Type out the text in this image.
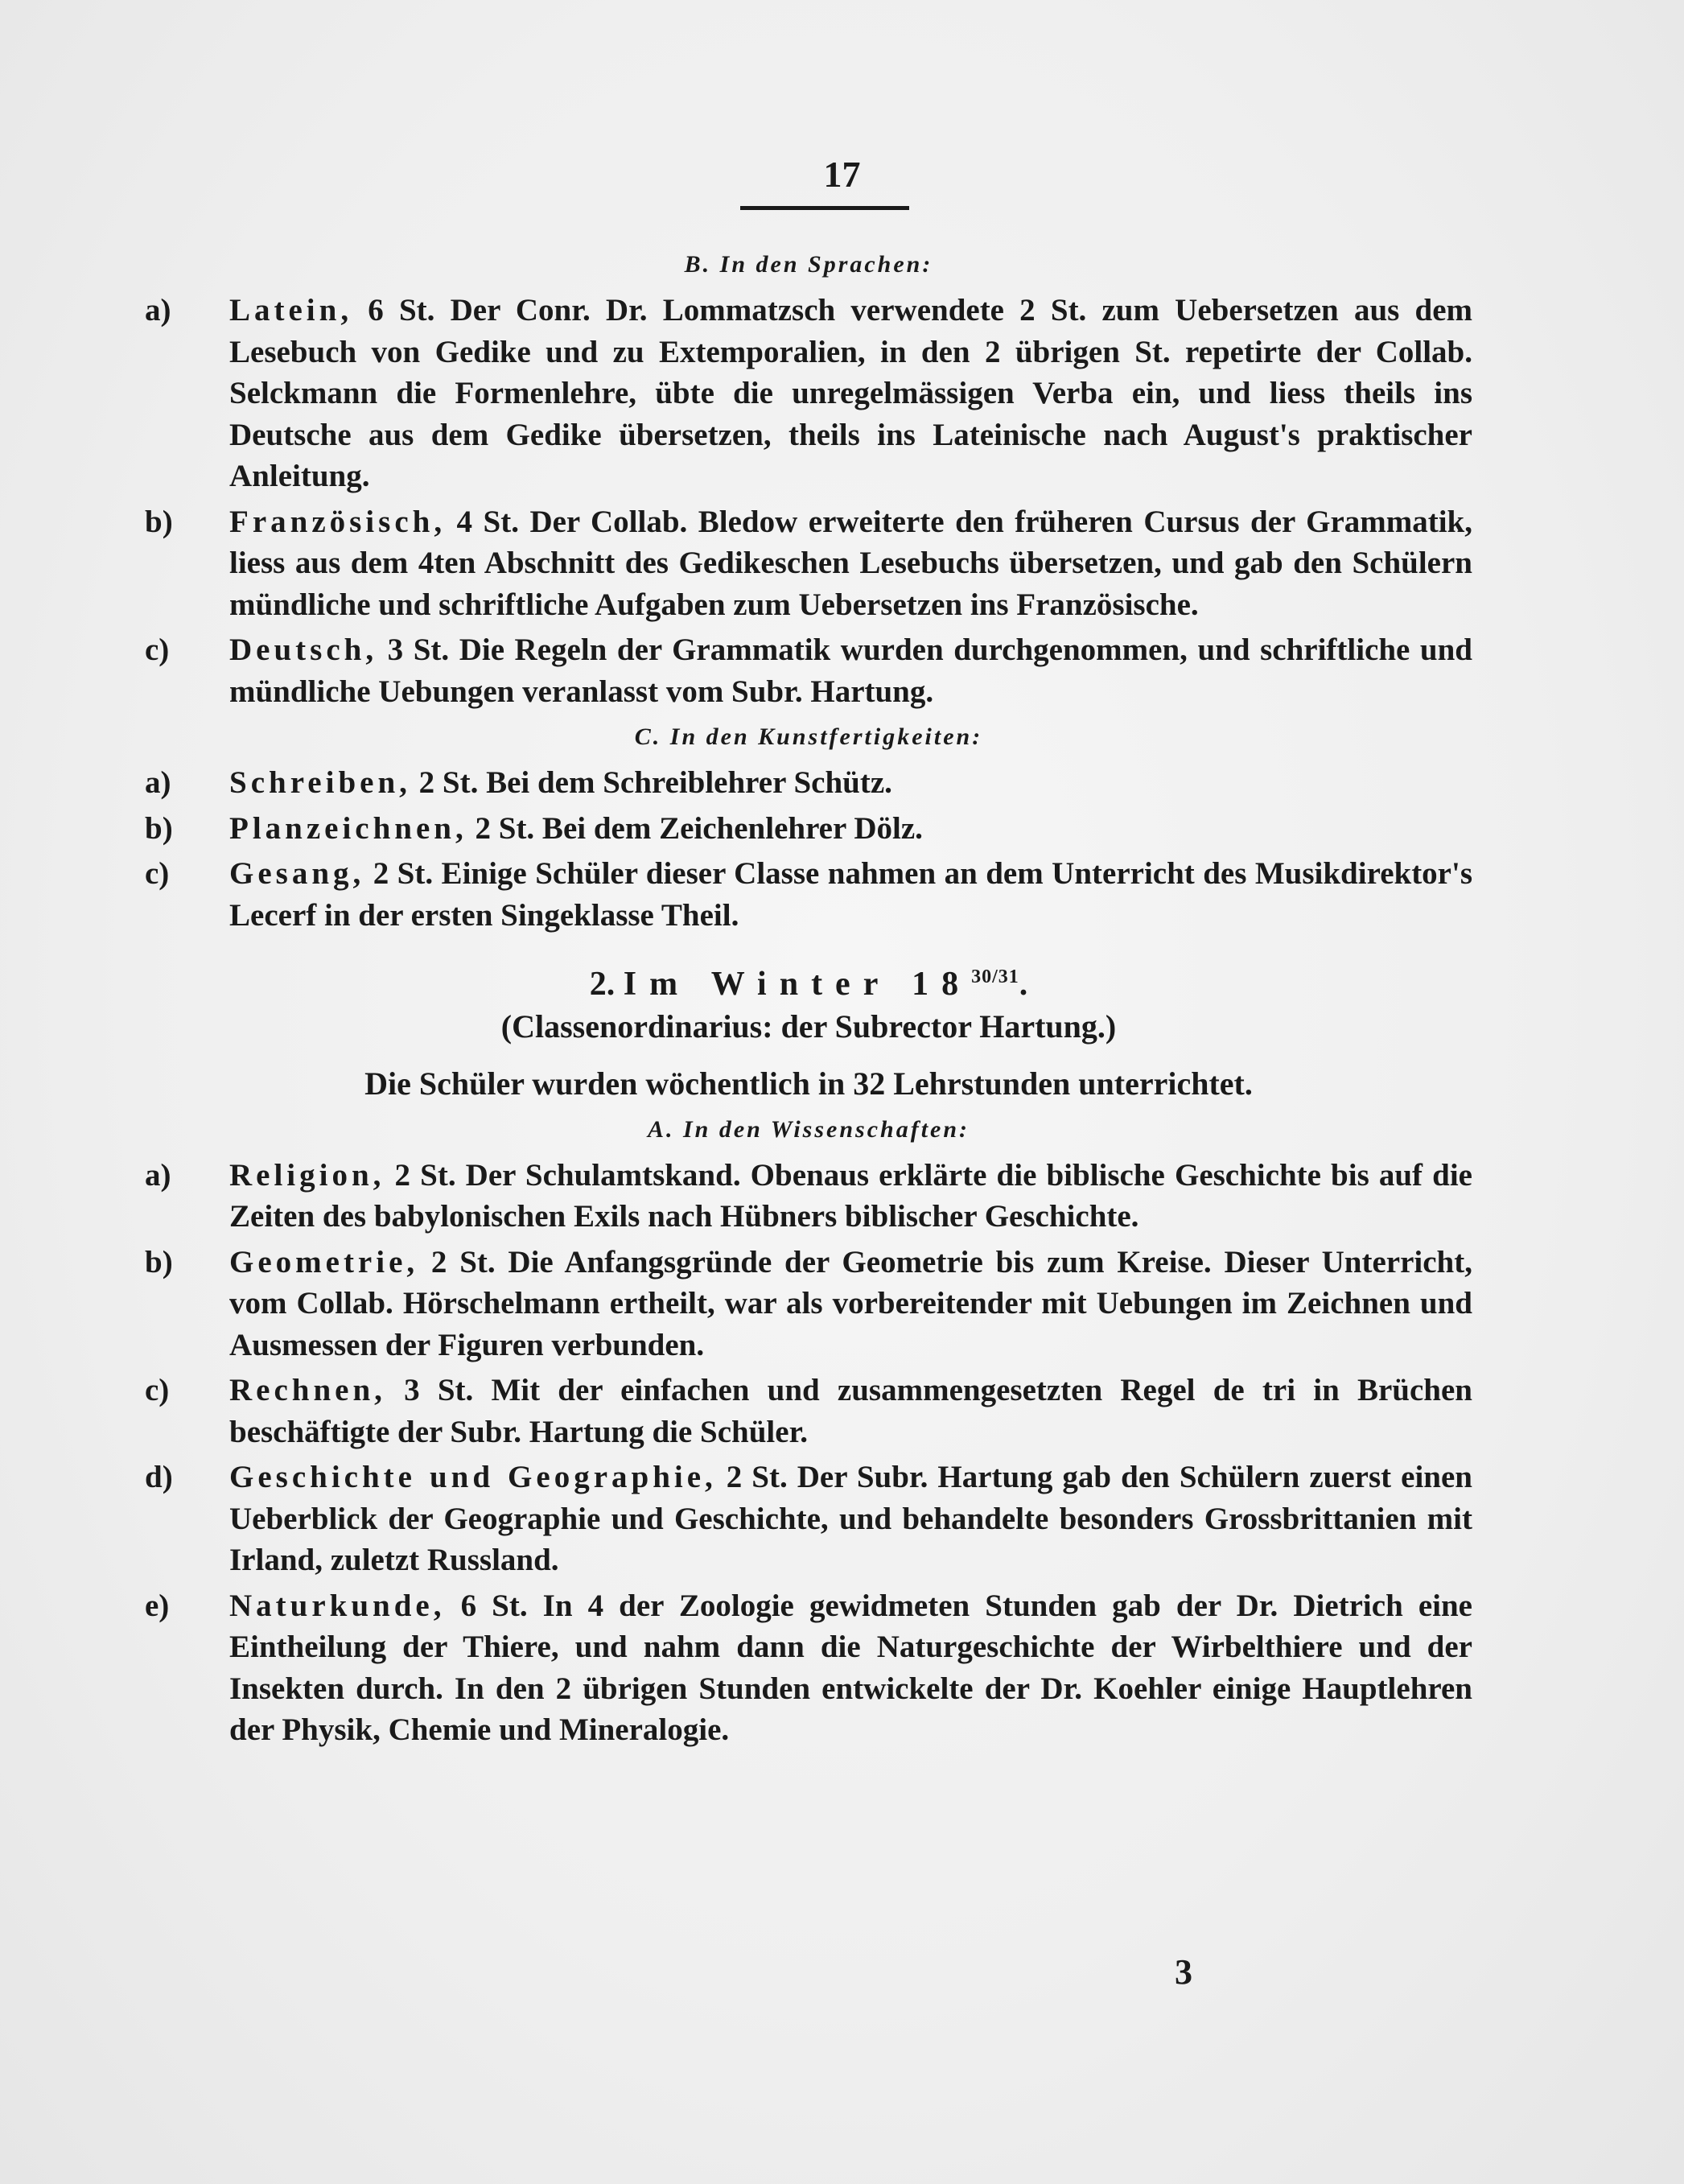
17
B. In den Sprachen:
a) Latein, 6 St. Der Conr. Dr. Lommatzsch verwendete 2 St. zum Uebersetzen aus dem Lesebuch von Gedike und zu Extemporalien, in den 2 übrigen St. repetirte der Collab. Selckmann die Formenlehre, übte die unregelmässigen Verba ein, und liess theils ins Deutsche aus dem Gedike übersetzen, theils ins Lateinische nach August's praktischer Anleitung.
b) Französisch, 4 St. Der Collab. Bledow erweiterte den früheren Cursus der Grammatik, liess aus dem 4ten Abschnitt des Gedikeschen Lesebuchs übersetzen, und gab den Schülern mündliche und schriftliche Aufgaben zum Uebersetzen ins Französische.
c) Deutsch, 3 St. Die Regeln der Grammatik wurden durchgenommen, und schriftliche und mündliche Uebungen veranlasst vom Subr. Hartung.
C. In den Kunstfertigkeiten:
a) Schreiben, 2 St. Bei dem Schreiblehrer Schütz.
b) Planzeichnen, 2 St. Bei dem Zeichenlehrer Dölz.
c) Gesang, 2 St. Einige Schüler dieser Classe nahmen an dem Unterricht des Musikdirektor's Lecerf in der ersten Singeklasse Theil.
2. Im Winter $18^{30/31}$.
(Classenordinarius: der Subrector Hartung.)
Die Schüler wurden wöchentlich in 32 Lehrstunden unterrichtet.
A. In den Wissenschaften:
a) Religion, 2 St. Der Schulamtskand. Obenaus erklärte die biblische Geschichte bis auf die Zeiten des babylonischen Exils nach Hübners biblischer Geschichte.
b) Geometrie, 2 St. Die Anfangsgründe der Geometrie bis zum Kreise. Dieser Unterricht, vom Collab. Hörschelmann ertheilt, war als vorbereitender mit Uebungen im Zeichnen und Ausmessen der Figuren verbunden.
c) Rechnen, 3 St. Mit der einfachen und zusammengesetzten Regel de tri in Brüchen beschäftigte der Subr. Hartung die Schüler.
d) Geschichte und Geographie, 2 St. Der Subr. Hartung gab den Schülern zuerst einen Ueberblick der Geographie und Geschichte, und behandelte besonders Grossbrittanien mit Irland, zuletzt Russland.
e) Naturkunde, 6 St. In 4 der Zoologie gewidmeten Stunden gab der Dr. Dietrich eine Eintheilung der Thiere, und nahm dann die Naturgeschichte der Wirbelthiere und der Insekten durch. In den 2 übrigen Stunden entwickelte der Dr. Koehler einige Hauptlehren der Physik, Chemie und Mineralogie.
3
